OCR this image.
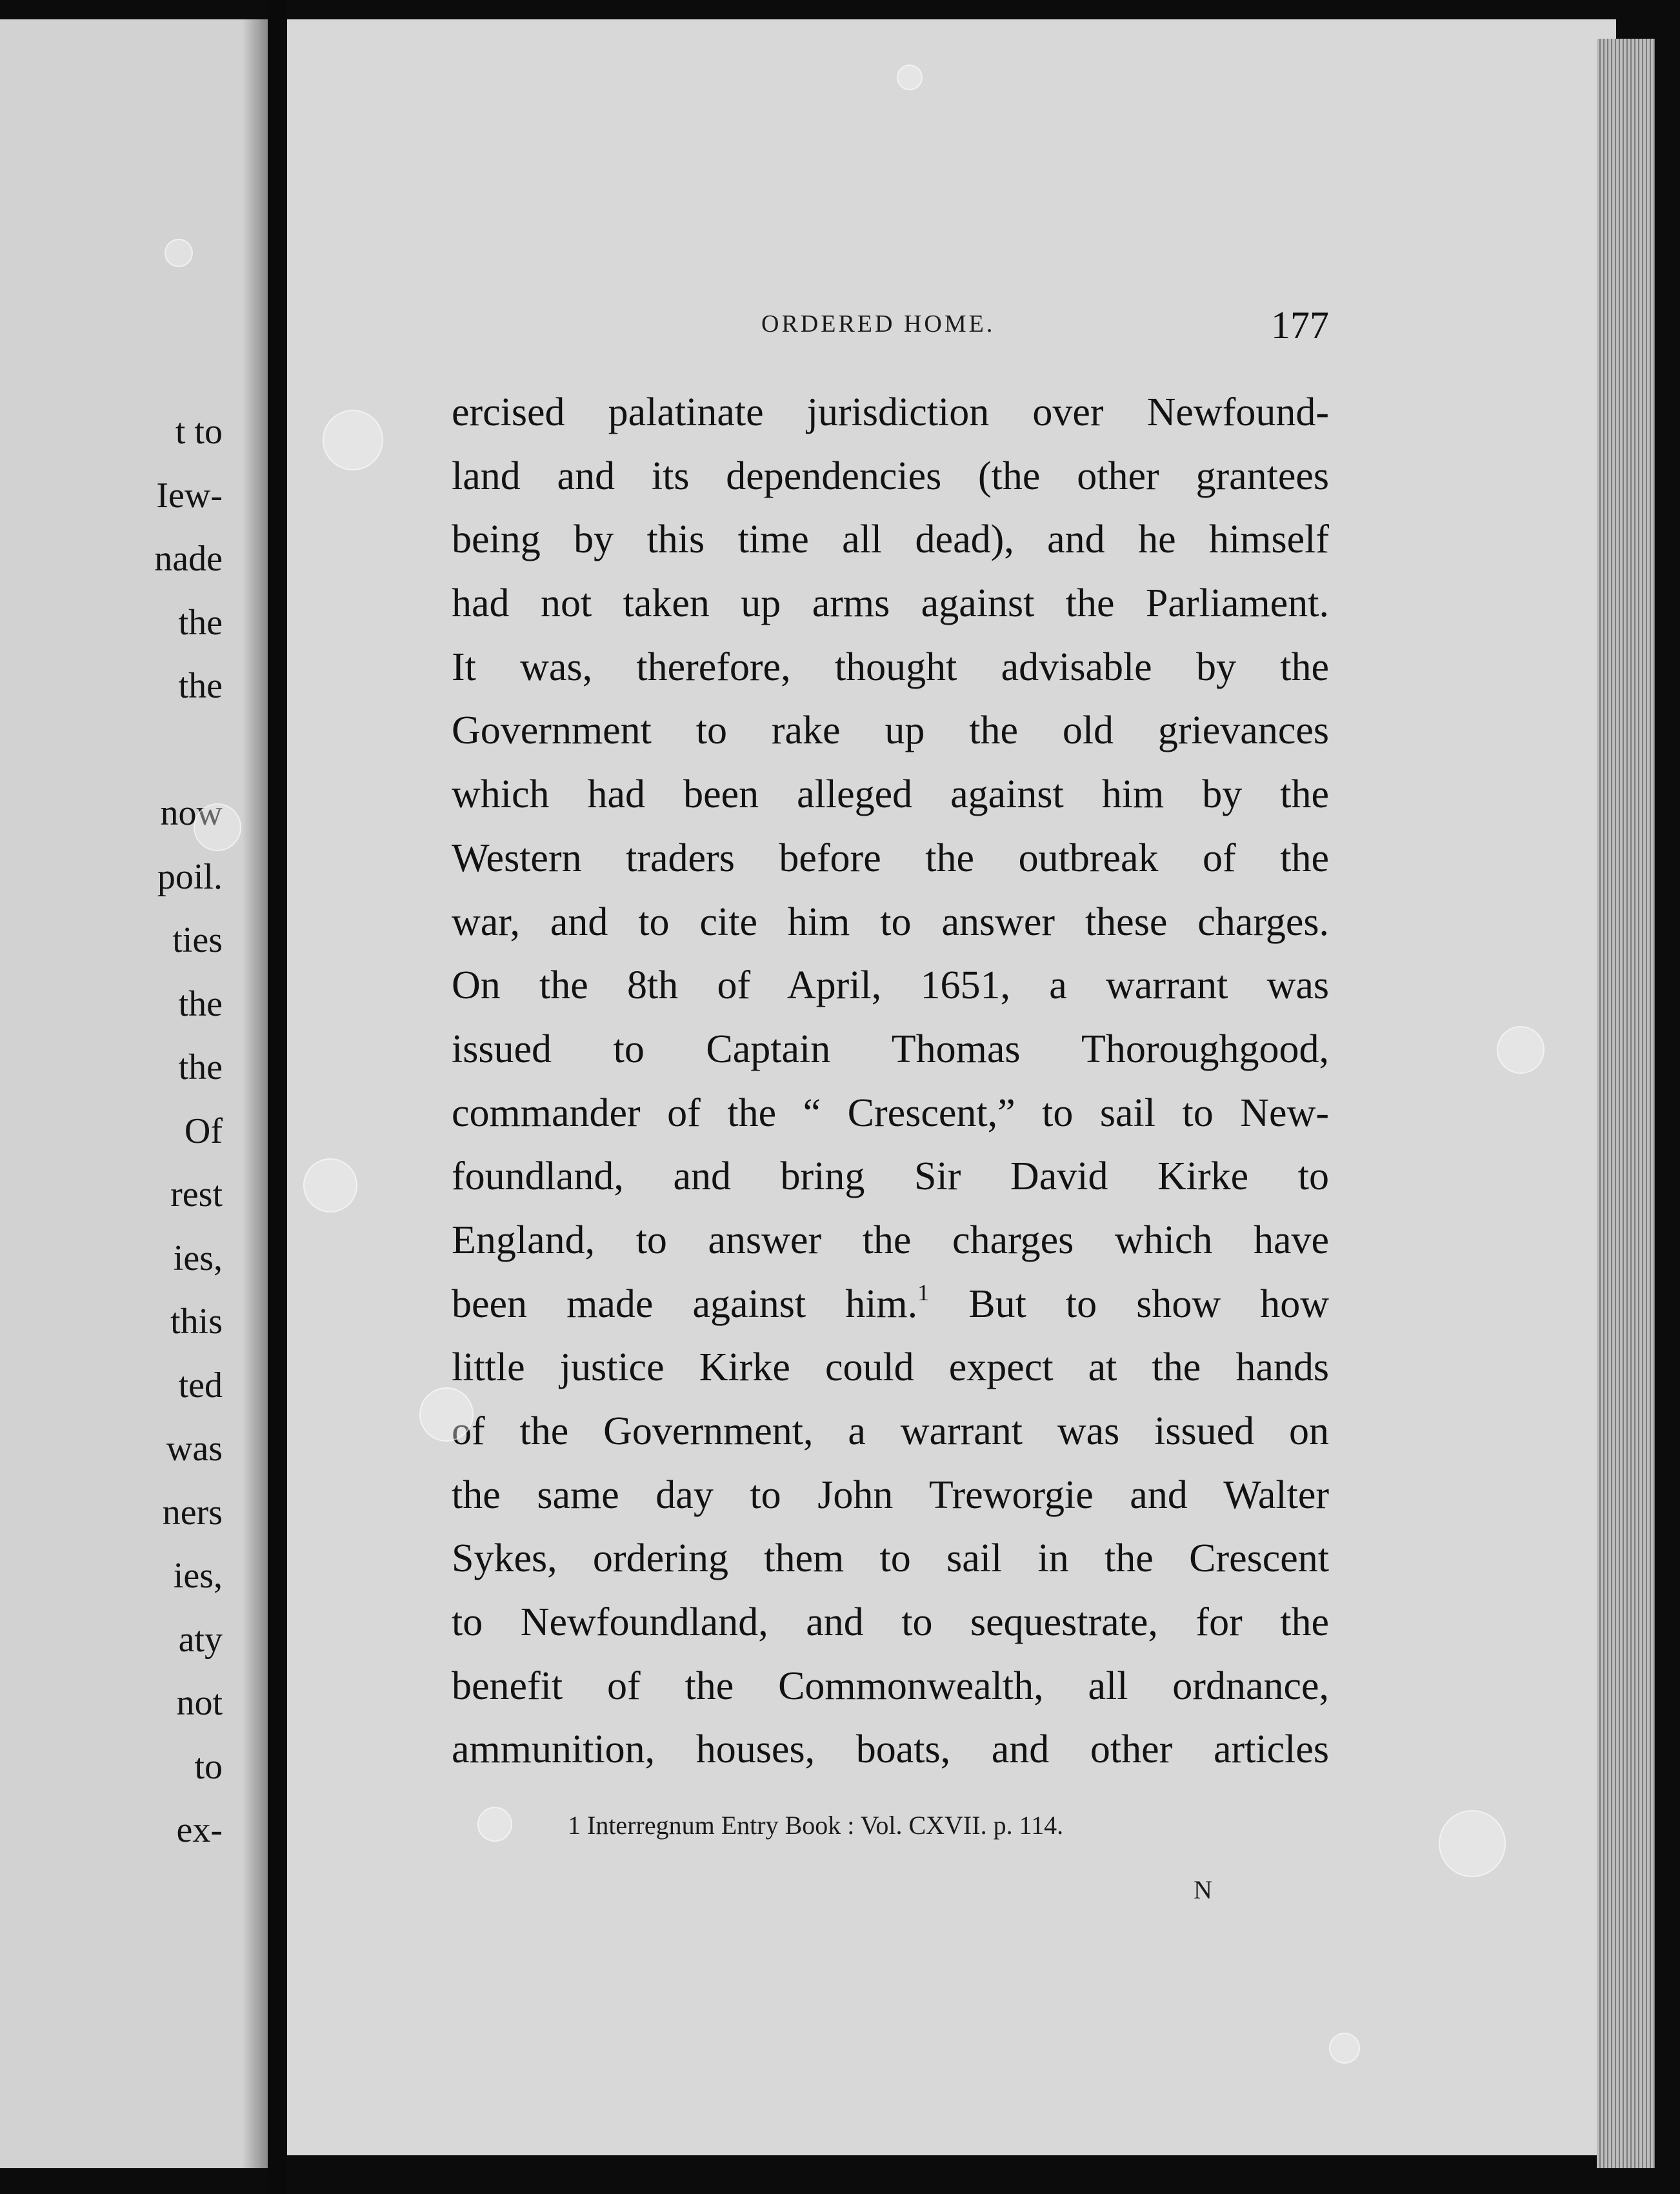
t to
Iew-
nade
the
the

now
poil.
ties
the
the
Of
rest
ies,
this
ted
was
ners
ies,
aty
not
to
ex-
ORDERED HOME.	177
ercised palatinate jurisdiction over Newfound-
land and its dependencies (the other grantees
being by this time all dead), and he himself
had not taken up arms against the Parliament.
It was, therefore, thought advisable by the
Government to rake up the old grievances
which had been alleged against him by the
Western traders before the outbreak of the
war, and to cite him to answer these charges.
On the 8th of April, 1651, a warrant was
issued to Captain Thomas Thoroughgood,
commander of the “ Crescent,” to sail to New-
foundland, and bring Sir David Kirke to
England, to answer the charges which have
been made against him.$^1$ But to show how
little justice Kirke could expect at the hands
of the Government, a warrant was issued on
the same day to John Treworgie and Walter
Sykes, ordering them to sail in the Crescent
to Newfoundland, and to sequestrate, for the
benefit of the Commonwealth, all ordnance,
ammunition, houses, boats, and other articles
1 Interregnum Entry Book : Vol. CXVII. p. 114.
N
